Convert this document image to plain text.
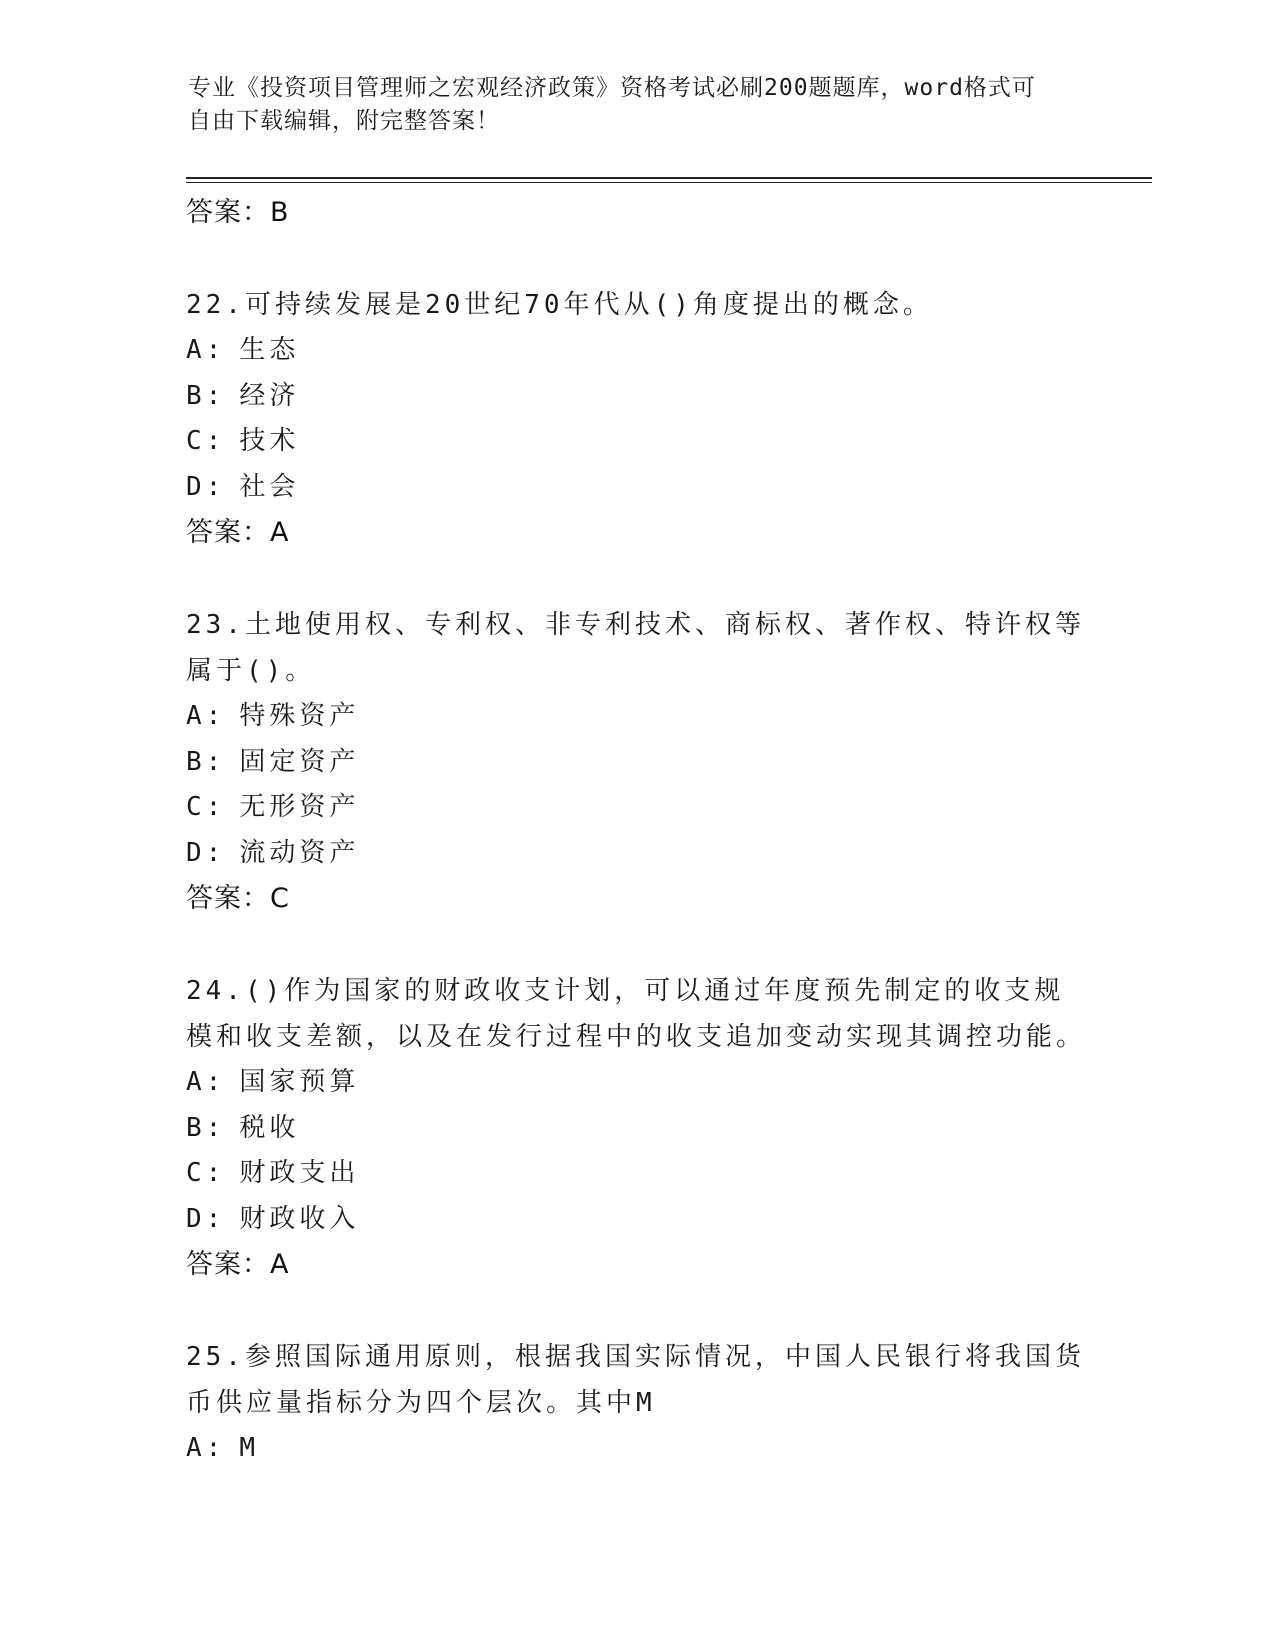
专业《投资项目管理师之宏观经济政策》资格考试必刷200题题库，word格式可
自由下载编辑，附完整答案！

答案：B

22.可持续发展是20世纪70年代从()角度提出的概念。

A: 生态

B: 经济

C: 技术

D: 社会

答案：A

23.土地使用权、专利权、非专利技术、商标权、著作权、特许权等属于()。

A: 特殊资产

B: 固定资产

C: 无形资产

D: 流动资产

答案：C

24.()作为国家的财政收支计划，可以通过年度预先制定的收支规模和收支差额，以及在发行过程中的收支追加变动实现其调控功能。

A: 国家预算

B: 税收

C: 财政支出

D: 财政收入

答案：A

25.参照国际通用原则，根据我国实际情况，中国人民银行将我国货币供应量指标分为四个层次。其中M

A: M
